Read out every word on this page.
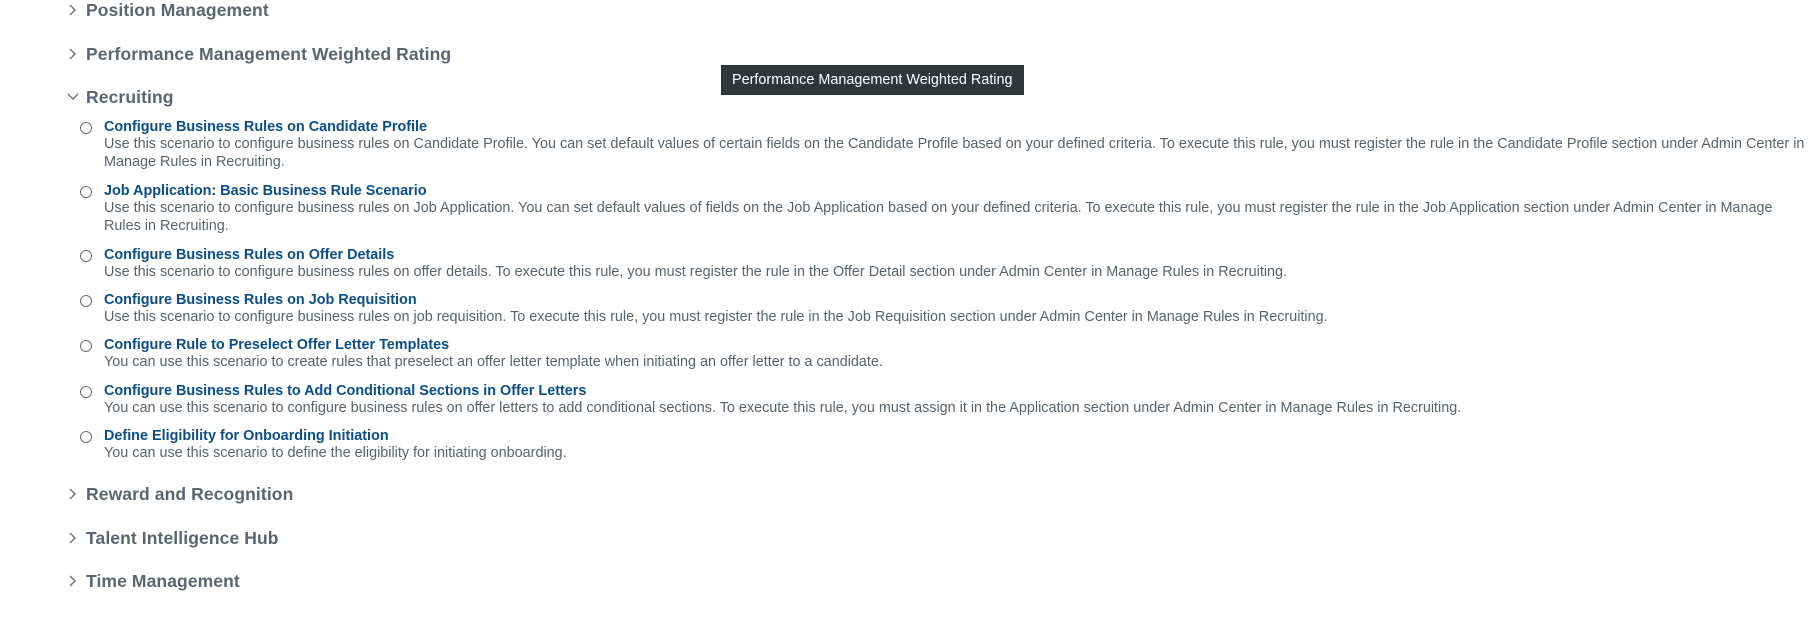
Position Management
Performance Management Weighted Rating
Recruiting
Configure Business Rules on Candidate Profile
Use this scenario to configure business rules on Candidate Profile. You can set default values of certain fields on the Candidate Profile based on your defined criteria. To execute this rule, you must register the rule in the Candidate Profile section under Admin Center in Manage Rules in Recruiting.
Job Application: Basic Business Rule Scenario
Use this scenario to configure business rules on Job Application. You can set default values of fields on the Job Application based on your defined criteria. To execute this rule, you must register the rule in the Job Application section under Admin Center in Manage Rules in Recruiting.
Configure Business Rules on Offer Details
Use this scenario to configure business rules on offer details. To execute this rule, you must register the rule in the Offer Detail section under Admin Center in Manage Rules in Recruiting.
Configure Business Rules on Job Requisition
Use this scenario to configure business rules on job requisition. To execute this rule, you must register the rule in the Job Requisition section under Admin Center in Manage Rules in Recruiting.
Configure Rule to Preselect Offer Letter Templates
You can use this scenario to create rules that preselect an offer letter template when initiating an offer letter to a candidate.
Configure Business Rules to Add Conditional Sections in Offer Letters
You can use this scenario to configure business rules on offer letters to add conditional sections. To execute this rule, you must assign it in the Application section under Admin Center in Manage Rules in Recruiting.
Define Eligibility for Onboarding Initiation
You can use this scenario to define the eligibility for initiating onboarding.
Reward and Recognition
Talent Intelligence Hub
Time Management
Performance Management Weighted Rating
